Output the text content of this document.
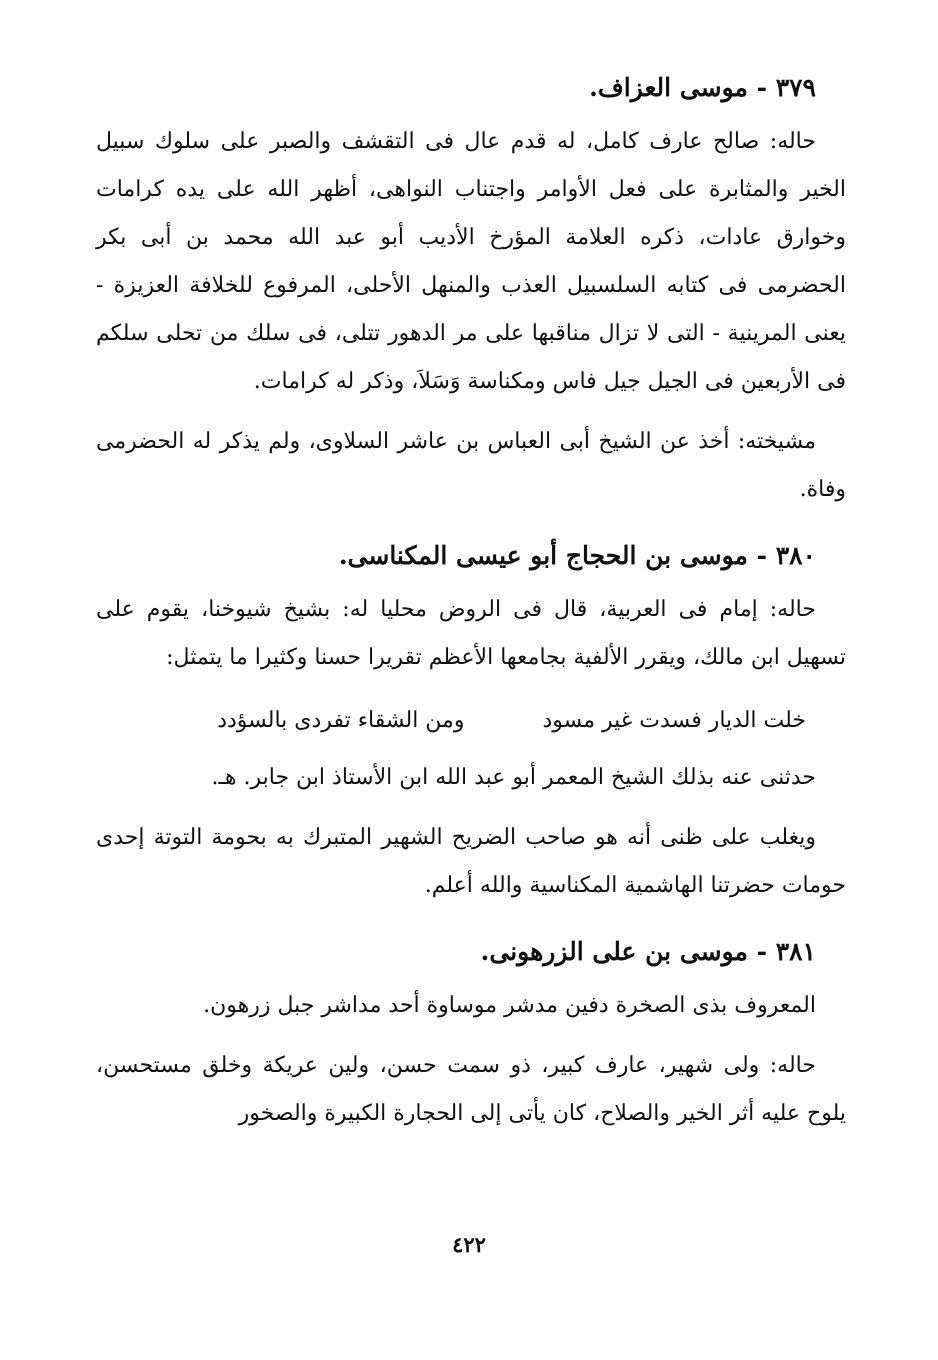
٣٧٩ - موسى العزاف.

حاله: صالح عارف كامل، له قدم عال فى التقشف والصبر على سلوك سبيل الخير والمثابرة على فعل الأوامر واجتناب النواهى، أظهر الله على يده كرامات وخوارق عادات، ذكره العلامة المؤرخ الأديب أبو عبد الله محمد بن أبى بكر الحضرمى فى كتابه السلسبيل العذب والمنهل الأحلى، المرفوع للخلافة العزيزة - يعنى المرينية - التى لا تزال مناقبها على مر الدهور تتلى، فى سلك من تحلى سلكم فى الأربعين فى الجيل جيل فاس ومكناسة وَسَلاَ، وذكر له كرامات.

مشيخته: أخذ عن الشيخ أبى العباس بن عاشر السلاوى، ولم يذكر له الحضرمى وفاة.

٣٨٠ - موسى بن الحجاج أبو عيسى المكناسى.

حاله: إمام فى العربية، قال فى الروض محليا له: بشيخ شيوخنا، يقوم على تسهيل ابن مالك، ويقرر الألفية بجامعها الأعظم تقريرا حسنا وكثيرا ما يتمثل:

خلت الديار فسدت غير مسود
ومن الشقاء تفردى بالسؤدد

حدثنى عنه بذلك الشيخ المعمر أبو عبد الله ابن الأستاذ ابن جابر. هـ.

ويغلب على ظنى أنه هو صاحب الضريح الشهير المتبرك به بحومة التوتة إحدى حومات حضرتنا الهاشمية المكناسية والله أعلم.

٣٨١ - موسى بن على الزرهونى.

المعروف بذى الصخرة دفين مدشر موساوة أحد مداشر جبل زرهون.

حاله: ولى شهير، عارف كبير، ذو سمت حسن، ولين عريكة وخلق مستحسن، يلوح عليه أثر الخير والصلاح، كان يأتى إلى الحجارة الكبيرة والصخور

٤٢٢
